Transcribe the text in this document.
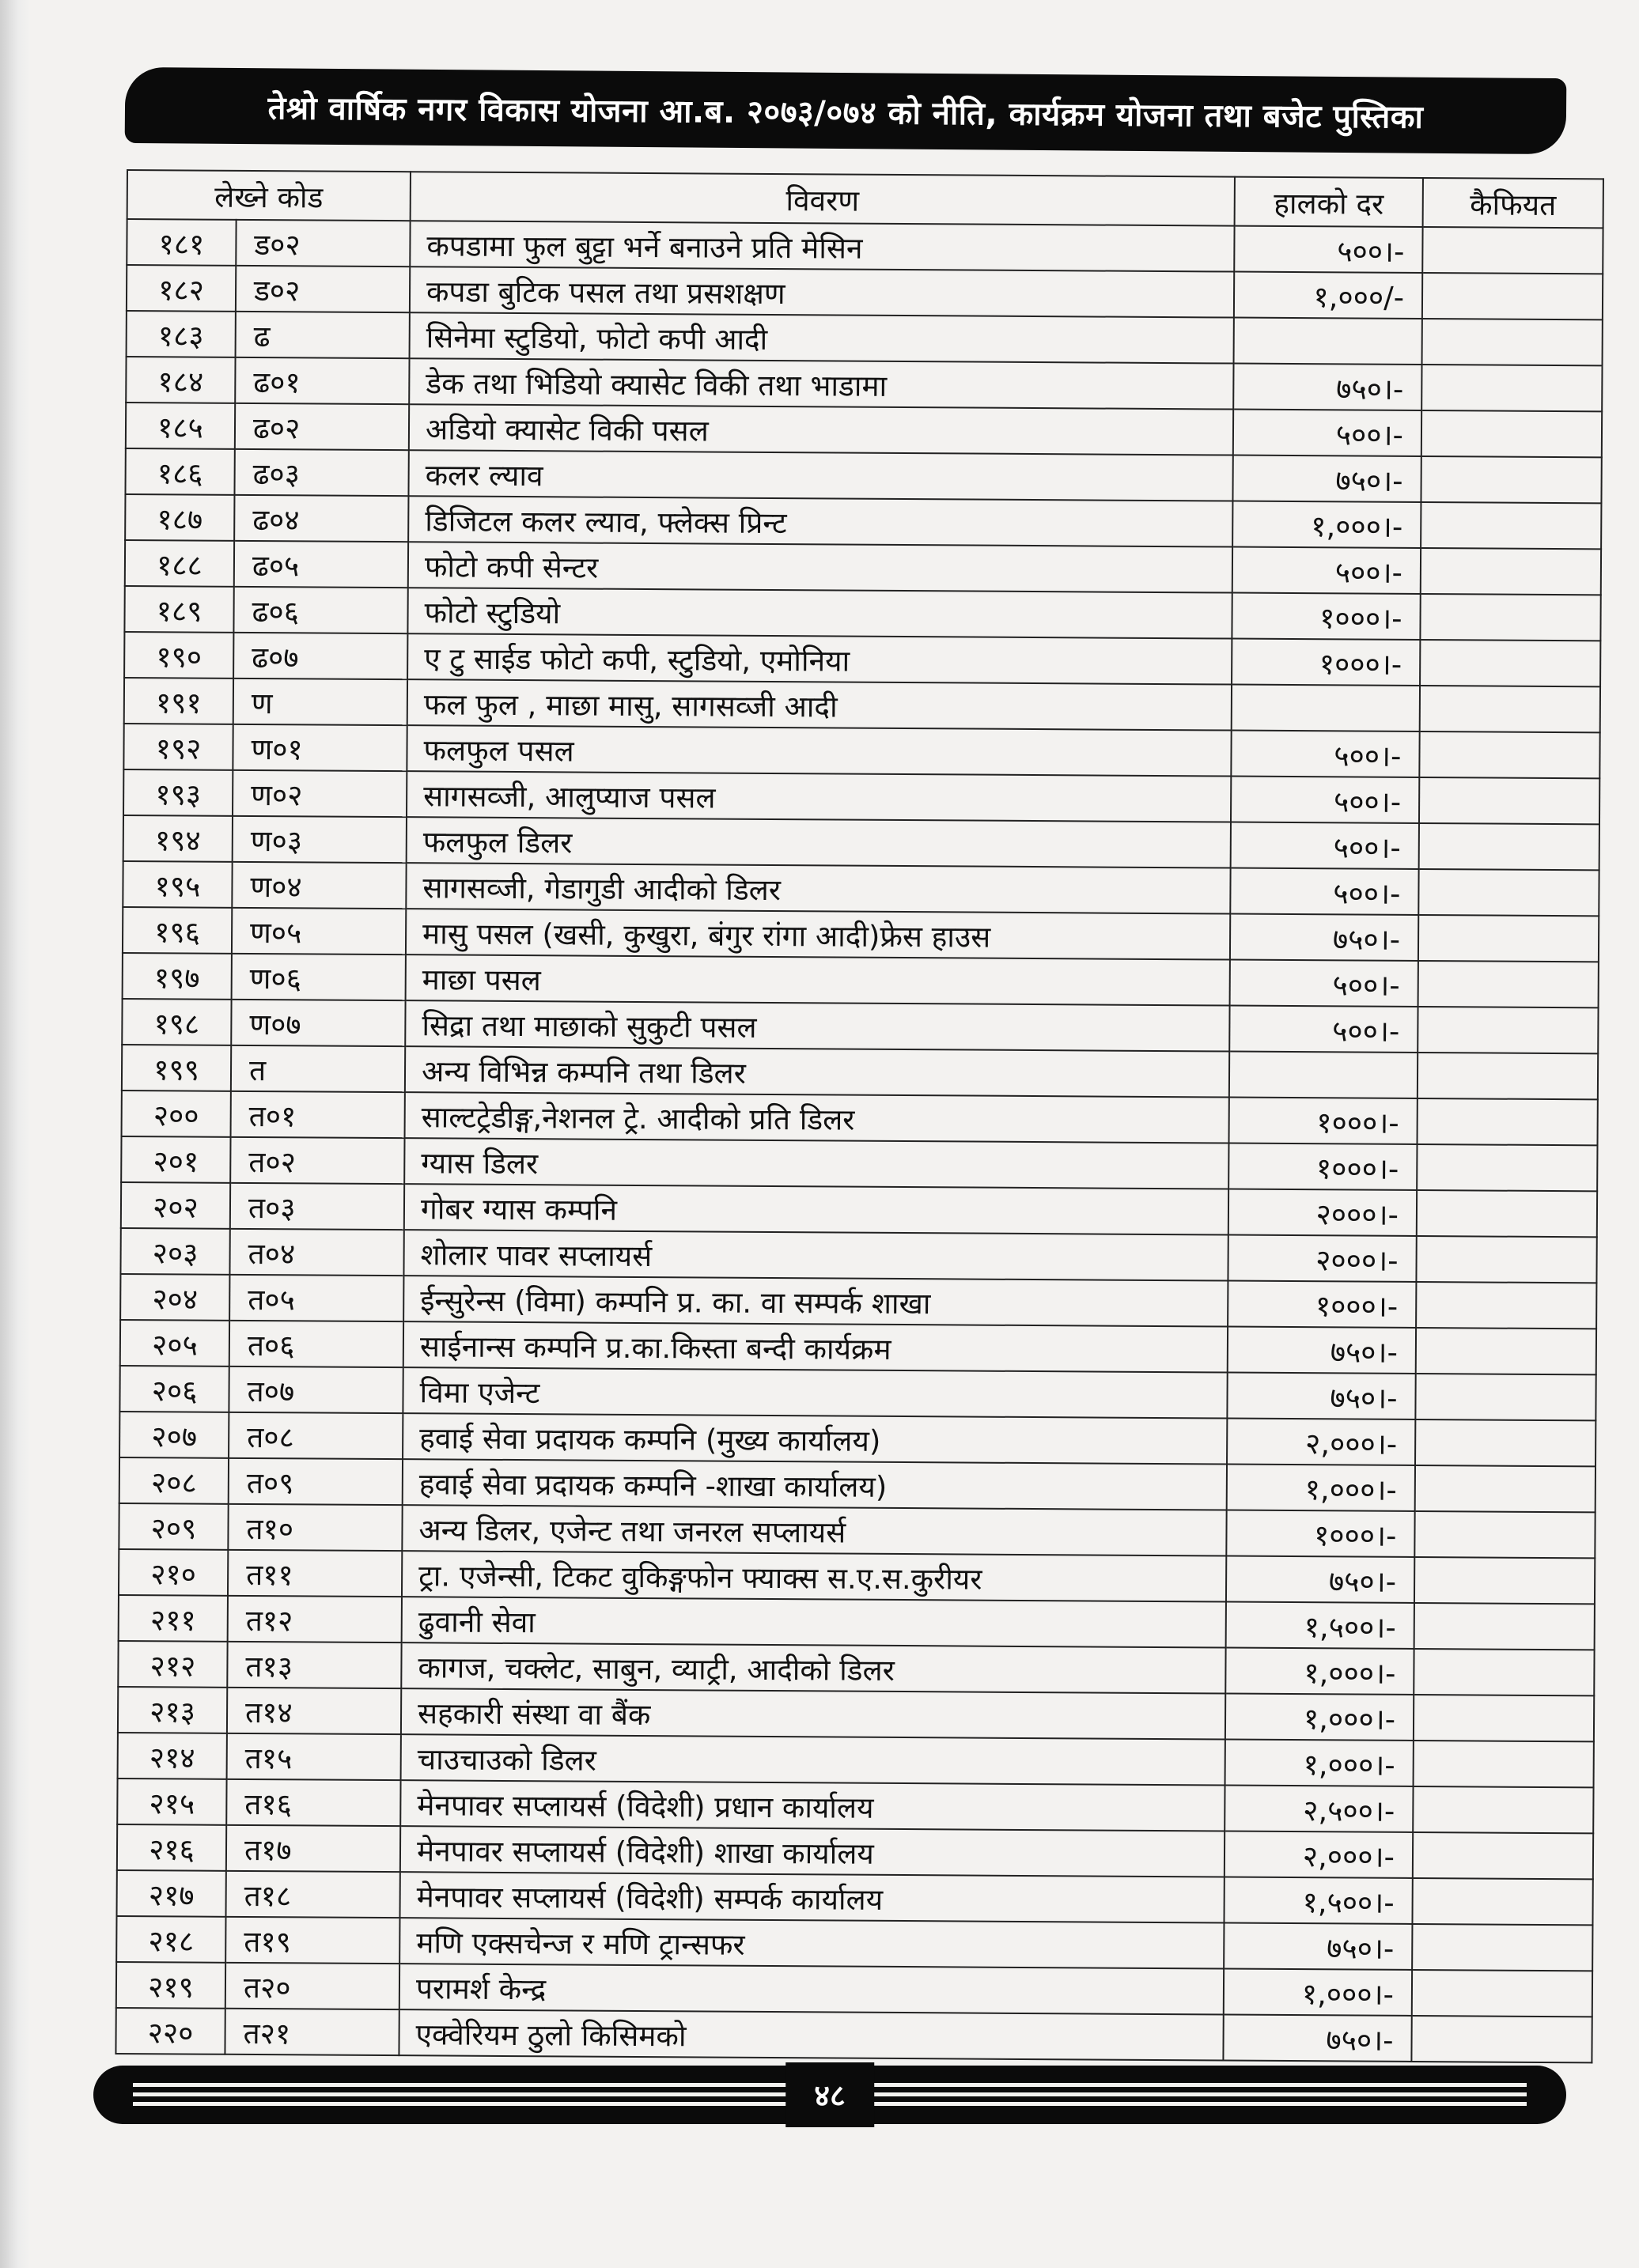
तेश्रो वार्षिक नगर विकास योजना आ.ब. २०७३/०७४ को नीति, कार्यक्रम योजना तथा बजेट पुस्तिका
लेख्ने कोड		विवरण	हालको दर	कैफियत
१८१	ड०२	कपडामा फुल बुट्टा भर्ने बनाउने प्रति मेसिन	५००।-	
१८२	ड०२	कपडा बुटिक पसल तथा प्रसशक्षण	१,०००/-	
१८३	ढ	सिनेमा स्टुडियो, फोटो कपी आदी		
१८४	ढ०१	डेक तथा भिडियो क्यासेट विकी तथा भाडामा	७५०।-	
१८५	ढ०२	अडियो क्यासेट विकी पसल	५००।-	
१८६	ढ०३	कलर ल्याव	७५०।-	
१८७	ढ०४	डिजिटल कलर ल्याव, फ्लेक्स प्रिन्ट	१,०००।-	
१८८	ढ०५	फोटो कपी सेन्टर	५००।-	
१८९	ढ०६	फोटो स्टुडियो	१०००।-	
१९०	ढ०७	ए टु साईड फोटो कपी, स्टुडियो, एमोनिया	१०००।-	
१९१	ण	फल फुल , माछा मासु, सागसव्जी आदी		
१९२	ण०१	फलफुल पसल	५००।-	
१९३	ण०२	सागसव्जी, आलुप्याज पसल	५००।-	
१९४	ण०३	फलफुल डिलर	५००।-	
१९५	ण०४	सागसव्जी, गेडागुडी आदीको डिलर	५००।-	
१९६	ण०५	मासु पसल (खसी, कुखुरा, बंगुर रांगा आदी)फ्रेस हाउस	७५०।-	
१९७	ण०६	माछा पसल	५००।-	
१९८	ण०७	सिद्रा तथा माछाको सुकुटी पसल	५००।-	
१९९	त	अन्य विभिन्न कम्पनि तथा डिलर		
२००	त०१	साल्टट्रेडीङ्ग,नेशनल ट्रे. आदीको प्रति डिलर	१०००।-	
२०१	त०२	ग्यास डिलर	१०००।-	
२०२	त०३	गोबर ग्यास कम्पनि	२०००।-	
२०३	त०४	शोलार पावर सप्लायर्स	२०००।-	
२०४	त०५	ईन्सुरेन्स (विमा) कम्पनि प्र. का. वा सम्पर्क शाखा	१०००।-	
२०५	त०६	साईनान्स कम्पनि प्र.का.किस्ता बन्दी कार्यक्रम	७५०।-	
२०६	त०७	विमा एजेन्ट	७५०।-	
२०७	त०८	हवाई सेवा प्रदायक कम्पनि (मुख्य कार्यालय)	२,०००।-	
२०८	त०९	हवाई सेवा प्रदायक कम्पनि -शाखा कार्यालय)	१,०००।-	
२०९	त१०	अन्य डिलर, एजेन्ट तथा जनरल सप्लायर्स	१०००।-	
२१०	त११	ट्रा. एजेन्सी, टिकट वुकिङ्गफोन फ्याक्स स.ए.स.कुरीयर	७५०।-	
२११	त१२	ढुवानी सेवा	१,५००।-	
२१२	त१३	कागज, चक्लेट, साबुन, व्याट्री, आदीको डिलर	१,०००।-	
२१३	त१४	सहकारी संस्था वा बैंक	१,०००।-	
२१४	त१५	चाउचाउको डिलर	१,०००।-	
२१५	त१६	मेनपावर सप्लायर्स (विदेशी) प्रधान कार्यालय	२,५००।-	
२१६	त१७	मेनपावर सप्लायर्स (विदेशी) शाखा कार्यालय	२,०००।-	
२१७	त१८	मेनपावर सप्लायर्स (विदेशी) सम्पर्क कार्यालय	१,५००।-	
२१८	त१९	मणि एक्सचेन्ज र मणि ट्रान्सफर	७५०।-	
२१९	त२०	परामर्श केन्द्र	१,०००।-	
२२०	त२१	एक्वेरियम ठुलो किसिमको	७५०।-	
४८
